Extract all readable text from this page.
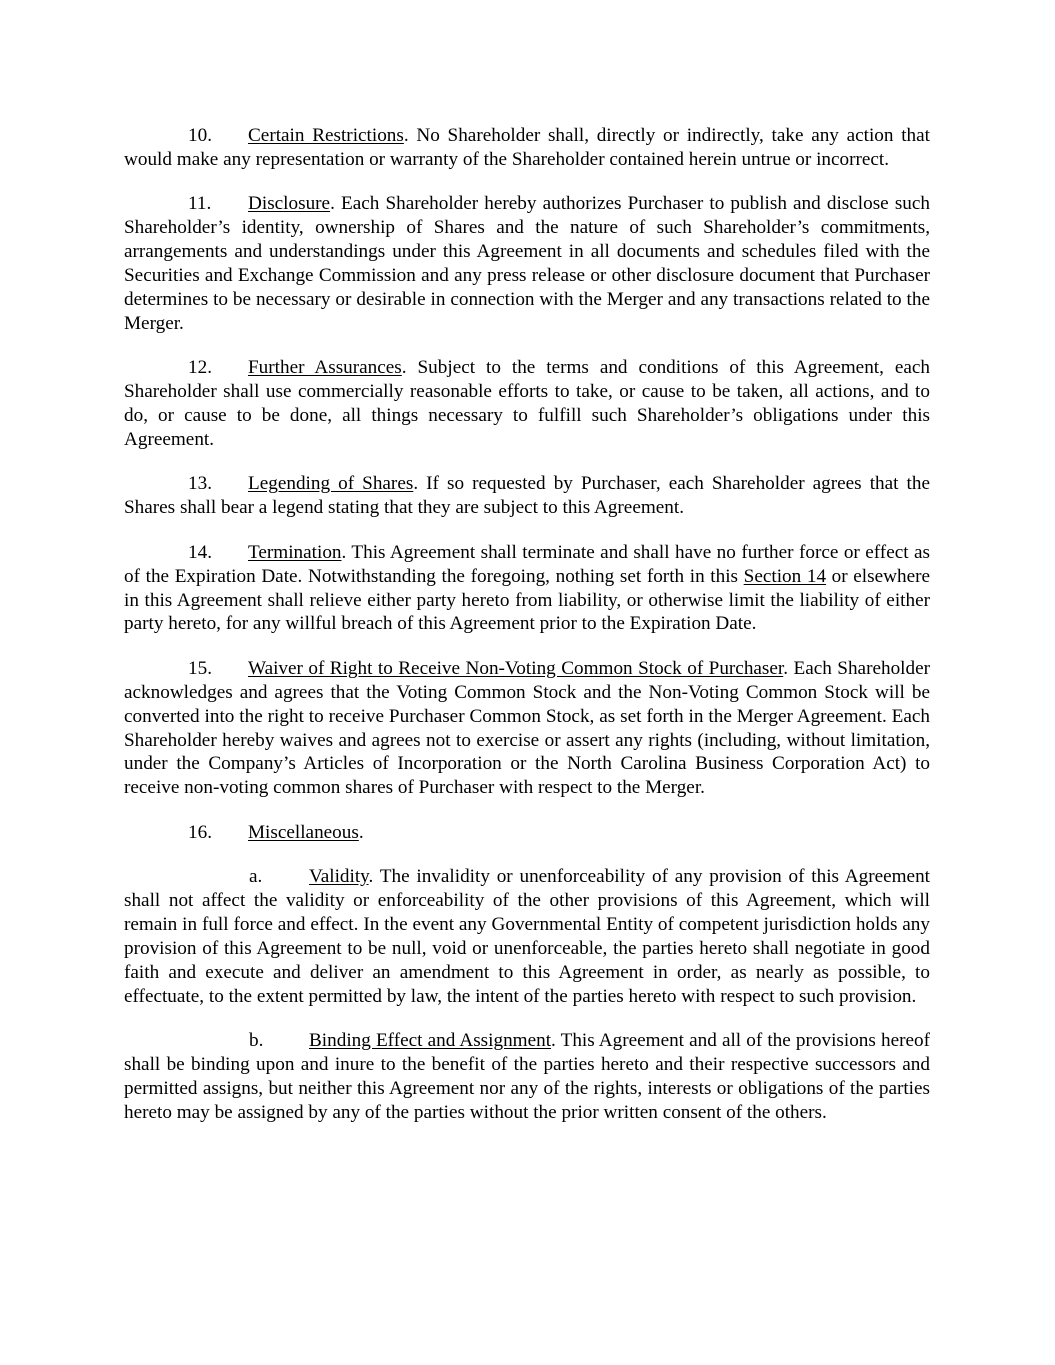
10. Certain Restrictions. No Shareholder shall, directly or indirectly, take any action that would make any representation or warranty of the Shareholder contained herein untrue or incorrect.

11. Disclosure. Each Shareholder hereby authorizes Purchaser to publish and disclose such Shareholder’s identity, ownership of Shares and the nature of such Shareholder’s commitments, arrangements and understandings under this Agreement in all documents and schedules filed with the Securities and Exchange Commission and any press release or other disclosure document that Purchaser determines to be necessary or desirable in connection with the Merger and any transactions related to the Merger.

12. Further Assurances. Subject to the terms and conditions of this Agreement, each Shareholder shall use commercially reasonable efforts to take, or cause to be taken, all actions, and to do, or cause to be done, all things necessary to fulfill such Shareholder’s obligations under this Agreement.

13. Legending of Shares. If so requested by Purchaser, each Shareholder agrees that the Shares shall bear a legend stating that they are subject to this Agreement.

14. Termination. This Agreement shall terminate and shall have no further force or effect as of the Expiration Date. Notwithstanding the foregoing, nothing set forth in this Section 14 or elsewhere in this Agreement shall relieve either party hereto from liability, or otherwise limit the liability of either party hereto, for any willful breach of this Agreement prior to the Expiration Date.

15. Waiver of Right to Receive Non-Voting Common Stock of Purchaser. Each Shareholder acknowledges and agrees that the Voting Common Stock and the Non-Voting Common Stock will be converted into the right to receive Purchaser Common Stock, as set forth in the Merger Agreement. Each Shareholder hereby waives and agrees not to exercise or assert any rights (including, without limitation, under the Company’s Articles of Incorporation or the North Carolina Business Corporation Act) to receive non-voting common shares of Purchaser with respect to the Merger.

16. Miscellaneous.

a. Validity. The invalidity or unenforceability of any provision of this Agreement shall not affect the validity or enforceability of the other provisions of this Agreement, which will remain in full force and effect. In the event any Governmental Entity of competent jurisdiction holds any provision of this Agreement to be null, void or unenforceable, the parties hereto shall negotiate in good faith and execute and deliver an amendment to this Agreement in order, as nearly as possible, to effectuate, to the extent permitted by law, the intent of the parties hereto with respect to such provision.

b. Binding Effect and Assignment. This Agreement and all of the provisions hereof shall be binding upon and inure to the benefit of the parties hereto and their respective successors and permitted assigns, but neither this Agreement nor any of the rights, interests or obligations of the parties hereto may be assigned by any of the parties without the prior written consent of the others.
